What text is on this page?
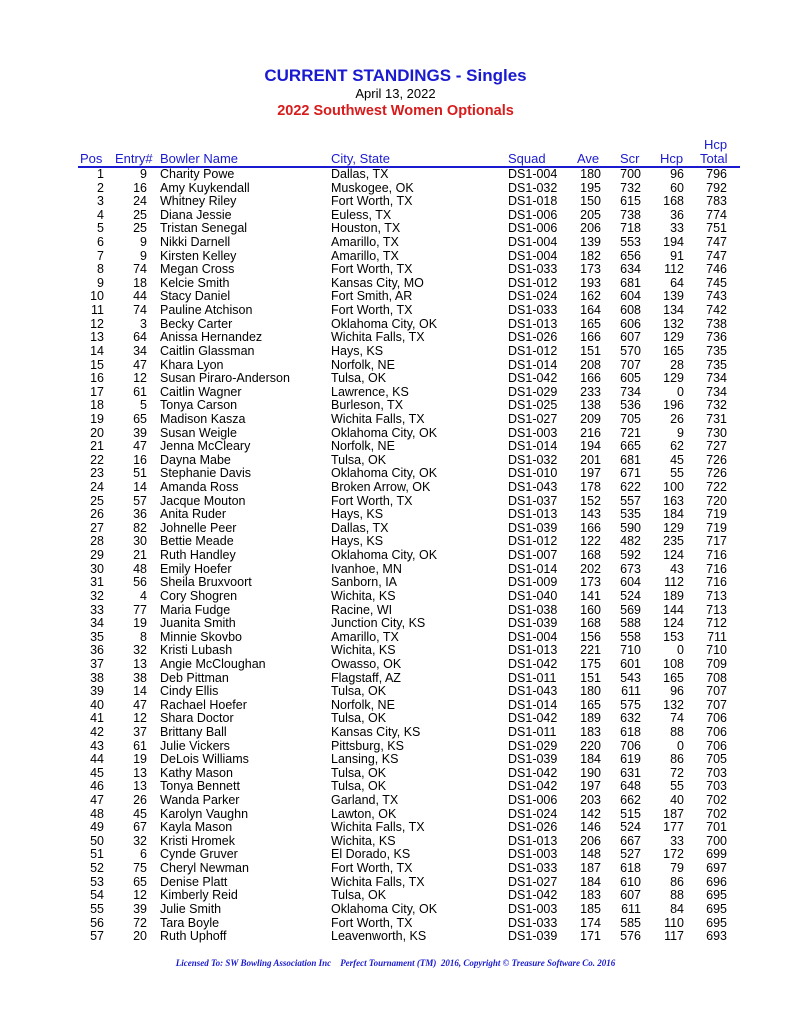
CURRENT STANDINGS - Singles
April 13, 2022
2022 Southwest Women Optionals
Pos Entry# Bowler Name	City, State	Squad Ave Scr Hcp
Hcp
Total
1	9 Charity Powe	Dallas, TX	DS1-004 180 700 96 796
2 16 Amy Kuykendall	Muskogee, OK	DS1-032 195 732 60 792
3 24 Whitney Riley	Fort Worth, TX	DS1-018 150 615 168 783
4 25 Diana Jessie	Euless, TX	DS1-006 205 738 36 774
5 25 Tristan Senegal	Houston, TX	DS1-006 206 718 33 751
6	9 Nikki Darnell	Amarillo, TX	DS1-004 139 553 194 747
7	9 Kirsten Kelley	Amarillo, TX	DS1-004 182 656 91 747
8 74 Megan Cross	Fort Worth, TX	DS1-033 173 634 112 746
9 18 Kelcie Smith	Kansas City, MO	DS1-012 193 681 64 745
10 44 Stacy Daniel	Fort Smith, AR	DS1-024 162 604 139 743
11 74 Pauline Atchison	Fort Worth, TX	DS1-033 164 608 134 742
12	3 Becky Carter	Oklahoma City, OK	DS1-013 165 606 132 738
13 64 Anissa Hernandez	Wichita Falls, TX	DS1-026 166 607 129 736
14 34 Caitlin Glassman	Hays, KS	DS1-012 151 570 165 735
15 47 Khara Lyon	Norfolk, NE	DS1-014 208 707 28 735
16 12 Susan Piraro-Anderson	Tulsa, OK	DS1-042 166 605 129 734
17 61 Caitlin Wagner	Lawrence, KS	DS1-029 233 734	0 734
18	5 Tonya Carson	Burleson, TX	DS1-025 138 536 196 732
19 65 Madison Kasza	Wichita Falls, TX	DS1-027 209 705 26 731
20 39 Susan Weigle	Oklahoma City, OK	DS1-003 216 721	9 730
21 47 Jenna McCleary	Norfolk, NE	DS1-014 194 665 62 727
22 16 Dayna Mabe	Tulsa, OK	DS1-032 201 681 45 726
23 51 Stephanie Davis	Oklahoma City, OK	DS1-010 197 671 55 726
24 14 Amanda Ross	Broken Arrow, OK	DS1-043 178 622 100 722
25 57 Jacque Mouton	Fort Worth, TX	DS1-037 152 557 163 720
26 36 Anita Ruder	Hays, KS	DS1-013 143 535 184 719
27 82 Johnelle Peer	Dallas, TX	DS1-039 166 590 129 719
28 30 Bettie Meade	Hays, KS	DS1-012 122 482 235 717
29 21 Ruth Handley	Oklahoma City, OK	DS1-007 168 592 124 716
30 48 Emily Hoefer	Ivanhoe, MN	DS1-014 202 673 43 716
31 56 Sheila Bruxvoort	Sanborn, IA	DS1-009 173 604 112 716
32	4 Cory Shogren	Wichita, KS	DS1-040 141 524 189 713
33 77 Maria Fudge	Racine, WI	DS1-038 160 569 144 713
34 19 Juanita Smith	Junction City, KS	DS1-039 168 588 124 712
35	8 Minnie Skovbo	Amarillo, TX	DS1-004 156 558 153 711
36 32 Kristi Lubash	Wichita, KS	DS1-013 221 710	0 710
37 13 Angie McCloughan	Owasso, OK	DS1-042 175 601 108 709
38 38 Deb Pittman	Flagstaff, AZ	DS1-011 151 543 165 708
39 14 Cindy Ellis	Tulsa, OK	DS1-043 180 611 96 707
40 47 Rachael Hoefer	Norfolk, NE	DS1-014 165 575 132 707
41 12 Shara Doctor	Tulsa, OK	DS1-042 189 632 74 706
42 37 Brittany Ball	Kansas City, KS	DS1-011 183 618 88 706
43 61 Julie Vickers	Pittsburg, KS	DS1-029 220 706	0 706
44 19 DeLois Williams	Lansing, KS	DS1-039 184 619 86 705
45 13 Kathy Mason	Tulsa, OK	DS1-042 190 631 72 703
46 13 Tonya Bennett	Tulsa, OK	DS1-042 197 648 55 703
47 26 Wanda Parker	Garland, TX	DS1-006 203 662 40 702
48 45 Karolyn Vaughn	Lawton, OK	DS1-024 142 515 187 702
49 67 Kayla Mason	Wichita Falls, TX	DS1-026 146 524 177 701
50 32 Kristi Hromek	Wichita, KS	DS1-013 206 667 33 700
51	6 Cynde Gruver	El Dorado, KS	DS1-003 148 527 172 699
52 75 Cheryl Newman	Fort Worth, TX	DS1-033 187 618 79 697
53 65 Denise Platt	Wichita Falls, TX	DS1-027 184 610 86 696
54 12 Kimberly Reid	Tulsa, OK	DS1-042 183 607 88 695
55 39 Julie Smith	Oklahoma City, OK	DS1-003 185 611 84 695
56 72 Tara Boyle	Fort Worth, TX	DS1-033 174 585 110 695
57 20 Ruth Uphoff	Leavenworth, KS	DS1-039 171 576 117 693
Licensed To: SW Bowling Association Inc Perfect Tournament (TM)  2016, Copyright © Treasure Software Co. 2016
